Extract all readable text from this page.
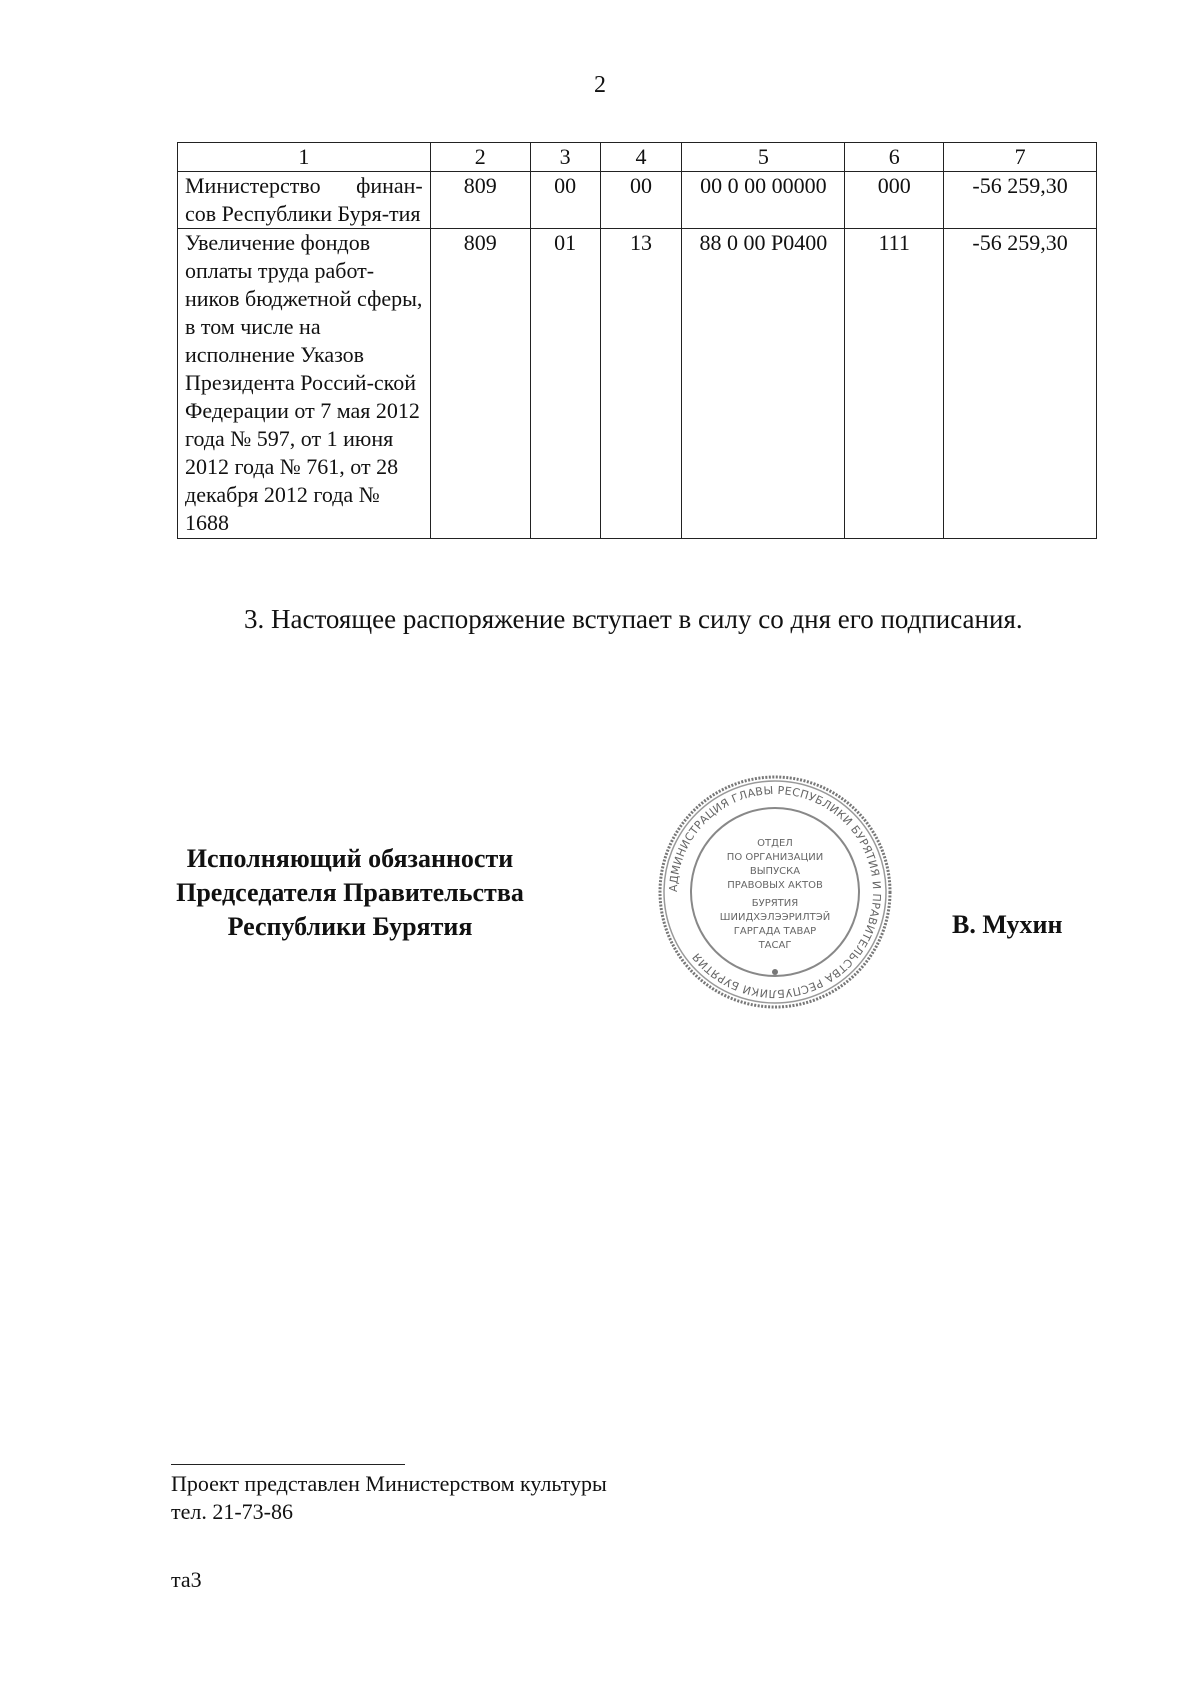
2
1	2	3	4	5	6	7
Министерство финан-сов Республики Буря-тия	809	00	00	00 0 00 00000	000	-56 259,30
Увеличение фондов оплаты труда работ-ников бюджетной сферы, в том числе на исполнение Указов Президента Россий-ской Федерации от 7 мая 2012 года № 597, от 1 июня 2012 года № 761, от 28 декабря 2012 года № 1688	809	01	13	88 0 00 P0400	111	-56 259,30
3. Настоящее распоряжение вступает в силу со дня его подписания.
Исполняющий обязанности
Председателя Правительства
Республики Бурятия
АДМИНИСТРАЦИЯ ГЛАВЫ РЕСПУБЛИКИ БУРЯТИЯ И ПРАВИТЕЛЬСТВА РЕСПУБЛИКИ БУРЯТИЯ
ОТДЕЛ
ПО ОРГАНИЗАЦИИ
ВЫПУСКА
ПРАВОВЫХ АКТОВ
БУРЯТИЯ
ШИИДХЭЛЭЭРИЛТЭЙ
ГАРГАДА ТАВАР
ТАСАГ
В. Мухин
Проект представлен Министерством культуры
тел. 21-73-86
та3
